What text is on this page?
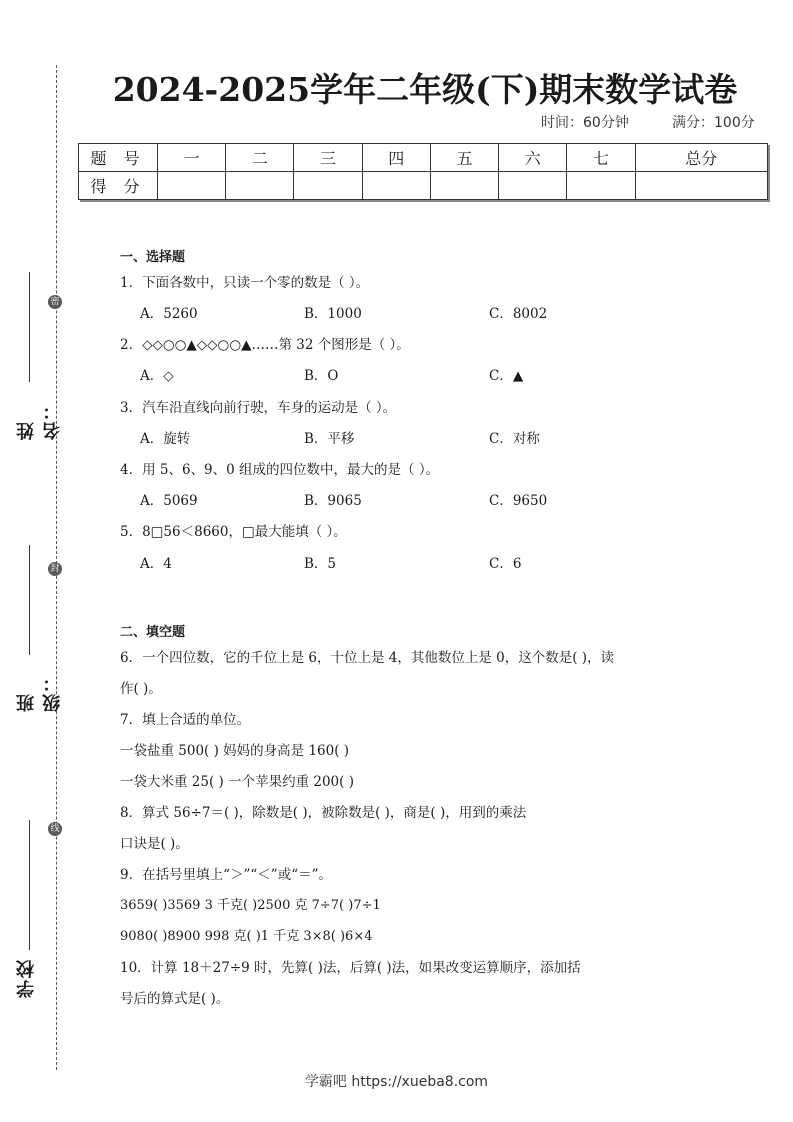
密
封
线
姓名：
班级：
学校
2024-2025学年二年级(下)期末数学试卷
时间：60分钟	满分：100分
题 号	一	二	三	四	五	六	七	总分
得 分								
一、选择题
1．下面各数中，只读一个零的数是（ ）。
A．5260	B．1000	C．8002
2．◇◇○○▲◇◇○○▲……第 32 个图形是（ ）。
A．◇	B．O	C．▲
3．汽车沿直线向前行驶，车身的运动是（ ）。
A．旋转	B．平移	C．对称
4．用 5、6、9、0 组成的四位数中，最大的是（ ）。
A．5069	B．9065	C．9650
5．8□56＜8660，□最大能填（ ）。
A．4	B．5	C．6
二、填空题
6．一个四位数，它的千位上是 6，十位上是 4，其他数位上是 0，这个数是( )，读
作( )。
7．填上合适的单位。
一袋盐重 500( ) 妈妈的身高是 160( )
一袋大米重 25( ) 一个苹果约重 200( )
8．算式 56÷7＝( )，除数是( )，被除数是( )，商是( )，用到的乘法
口诀是( )。
9．在括号里填上“＞”“＜”或“＝”。
3659( )3569 3 千克( )2500 克 7÷7( )7÷1
9080( )8900 998 克( )1 千克 3×8( )6×4
10．计算 18＋27÷9 时，先算( )法，后算( )法，如果改变运算顺序，添加括
号后的算式是( )。
学霸吧 https://xueba8.com
